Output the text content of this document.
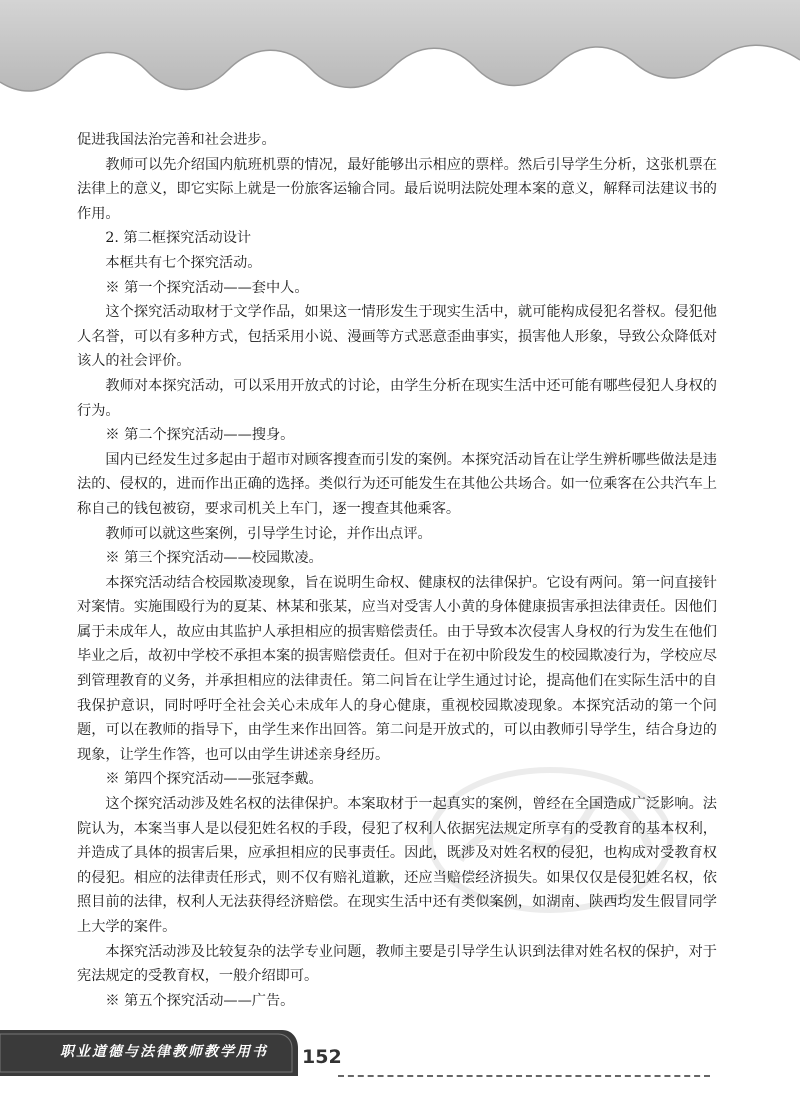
促进我国法治完善和社会进步。

教师可以先介绍国内航班机票的情况，最好能够出示相应的票样。然后引导学生分析，这张机票在法律上的意义，即它实际上就是一份旅客运输合同。最后说明法院处理本案的意义，解释司法建议书的作用。

2. 第二框探究活动设计

本框共有七个探究活动。

※ 第一个探究活动——套中人。

这个探究活动取材于文学作品，如果这一情形发生于现实生活中，就可能构成侵犯名誉权。侵犯他人名誉，可以有多种方式，包括采用小说、漫画等方式恶意歪曲事实，损害他人形象，导致公众降低对该人的社会评价。

教师对本探究活动，可以采用开放式的讨论，由学生分析在现实生活中还可能有哪些侵犯人身权的行为。

※ 第二个探究活动——搜身。

国内已经发生过多起由于超市对顾客搜查而引发的案例。本探究活动旨在让学生辨析哪些做法是违法的、侵权的，进而作出正确的选择。类似行为还可能发生在其他公共场合。如一位乘客在公共汽车上称自己的钱包被窃，要求司机关上车门，逐一搜查其他乘客。

教师可以就这些案例，引导学生讨论，并作出点评。

※ 第三个探究活动——校园欺凌。

本探究活动结合校园欺凌现象，旨在说明生命权、健康权的法律保护。它设有两问。第一问直接针对案情。实施围殴行为的夏某、林某和张某，应当对受害人小黄的身体健康损害承担法律责任。因他们属于未成年人，故应由其监护人承担相应的损害赔偿责任。由于导致本次侵害人身权的行为发生在他们毕业之后，故初中学校不承担本案的损害赔偿责任。但对于在初中阶段发生的校园欺凌行为，学校应尽到管理教育的义务，并承担相应的法律责任。第二问旨在让学生通过讨论，提高他们在实际生活中的自我保护意识，同时呼吁全社会关心未成年人的身心健康，重视校园欺凌现象。本探究活动的第一个问题，可以在教师的指导下，由学生来作出回答。第二问是开放式的，可以由教师引导学生，结合身边的现象，让学生作答，也可以由学生讲述亲身经历。

※ 第四个探究活动——张冠李戴。

这个探究活动涉及姓名权的法律保护。本案取材于一起真实的案例，曾经在全国造成广泛影响。法院认为，本案当事人是以侵犯姓名权的手段，侵犯了权利人依据宪法规定所享有的受教育的基本权利，并造成了具体的损害后果，应承担相应的民事责任。因此，既涉及对姓名权的侵犯，也构成对受教育权的侵犯。相应的法律责任形式，则不仅有赔礼道歉，还应当赔偿经济损失。如果仅仅是侵犯姓名权，依照目前的法律，权利人无法获得经济赔偿。在现实生活中还有类似案例，如湖南、陕西均发生假冒同学上大学的案件。

本探究活动涉及比较复杂的法学专业问题，教师主要是引导学生认识到法律对姓名权的保护，对于宪法规定的受教育权，一般介绍即可。

※ 第五个探究活动——广告。

职业道德与法律教师教学用书 152
